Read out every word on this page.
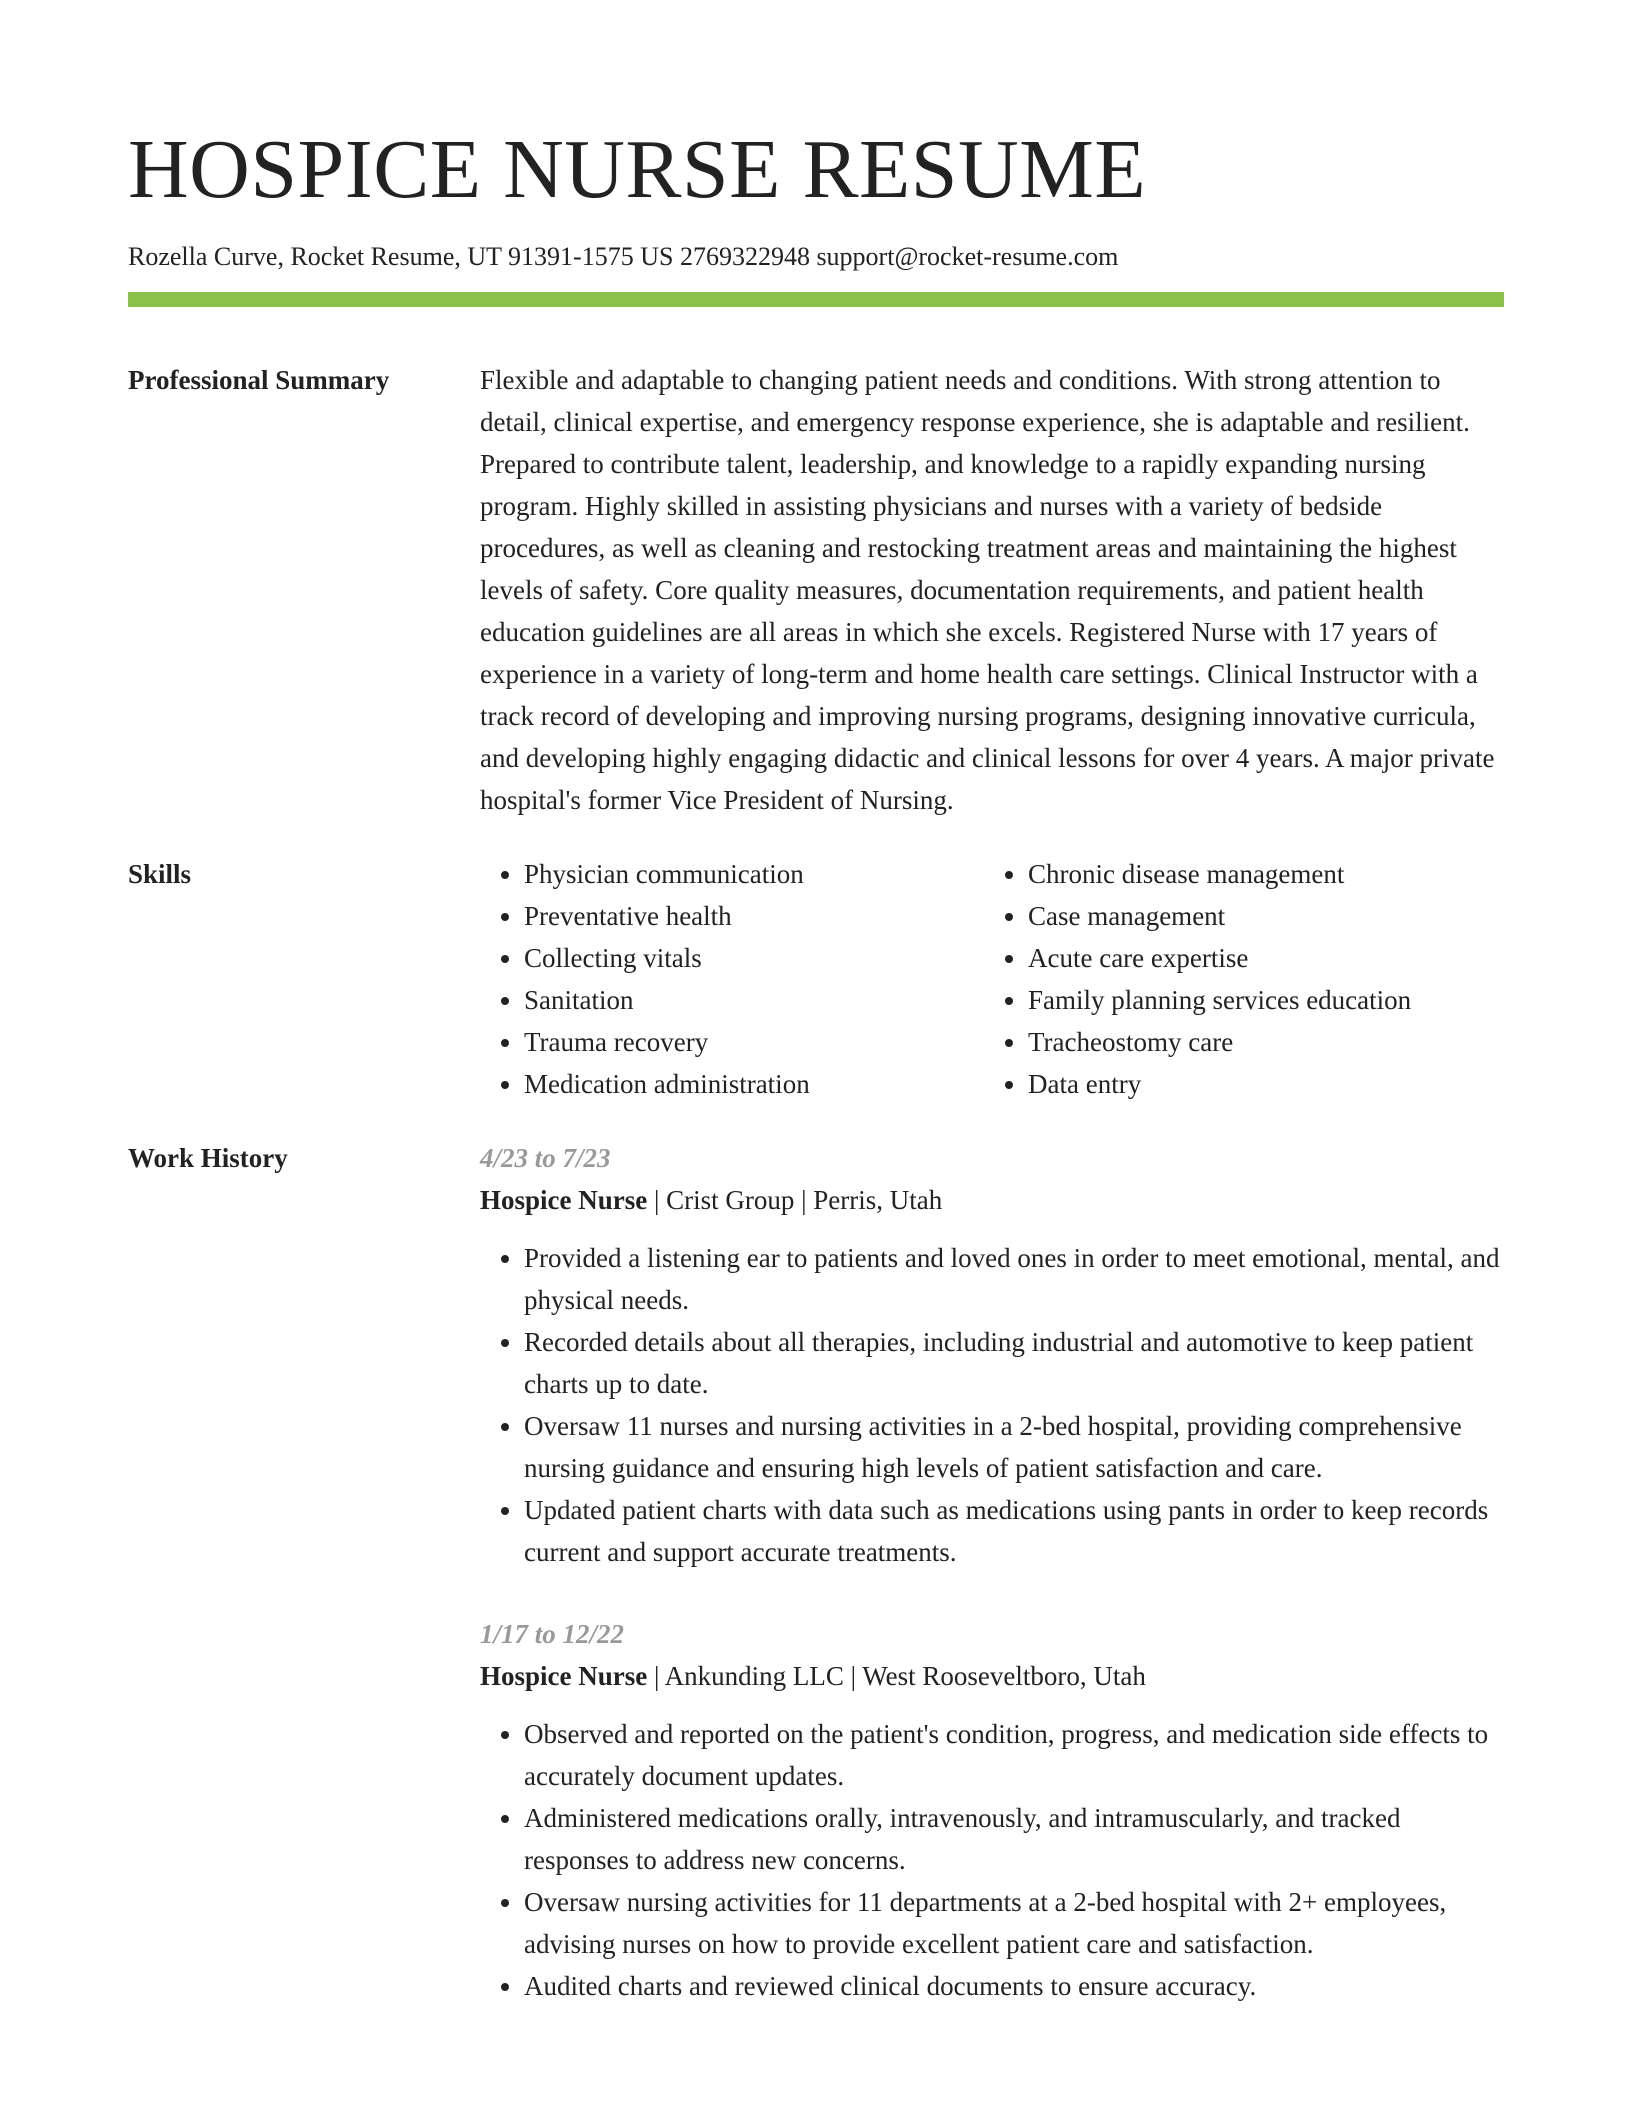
HOSPICE NURSE RESUME
Rozella Curve, Rocket Resume, UT 91391-1575 US 2769322948 support@rocket-resume.com
Professional Summary	Flexible and adaptable to changing patient needs and conditions. With strong attention to detail, clinical expertise, and emergency response experience, she is adaptable and resilient. Prepared to contribute talent, leadership, and knowledge to a rapidly expanding nursing program. Highly skilled in assisting physicians and nurses with a variety of bedside procedures, as well as cleaning and restocking treatment areas and maintaining the highest levels of safety. Core quality measures, documentation requirements, and patient health education guidelines are all areas in which she excels. Registered Nurse with 17 years of experience in a variety of long-term and home health care settings. Clinical Instructor with a track record of developing and improving nursing programs, designing innovative curricula, and developing highly engaging didactic and clinical lessons for over 4 years. A major private hospital's former Vice President of Nursing.

Skills
•	Physician communication
• Preventative health
• Collecting vitals
• Sanitation
• Trauma recovery
• Medication administration
• Chronic disease management
• Case management
• Acute care expertise
• Family planning services education
• Tracheostomy care
• Data entry
Work History	4/23 to 7/23
Hospice Nurse | Crist Group | Perris, Utah
• Provided a listening ear to patients and loved ones in order to meet emotional, mental, and physical needs.
• Recorded details about all therapies, including industrial and automotive to keep patient charts up to date.
• Oversaw 11 nurses and nursing activities in a 2-bed hospital, providing comprehensive nursing guidance and ensuring high levels of patient satisfaction and care.
• Updated patient charts with data such as medications using pants in order to keep records current and support accurate treatments.
1/17 to 12/22
Hospice Nurse | Ankunding LLC | West Rooseveltboro, Utah
• Observed and reported on the patient's condition, progress, and medication side effects to accurately document updates.
• Administered medications orally, intravenously, and intramuscularly, and tracked responses to address new concerns.
• Oversaw nursing activities for 11 departments at a 2-bed hospital with 2+ employees, advising nurses on how to provide excellent patient care and satisfaction.
• Audited charts and reviewed clinical documents to ensure accuracy.
